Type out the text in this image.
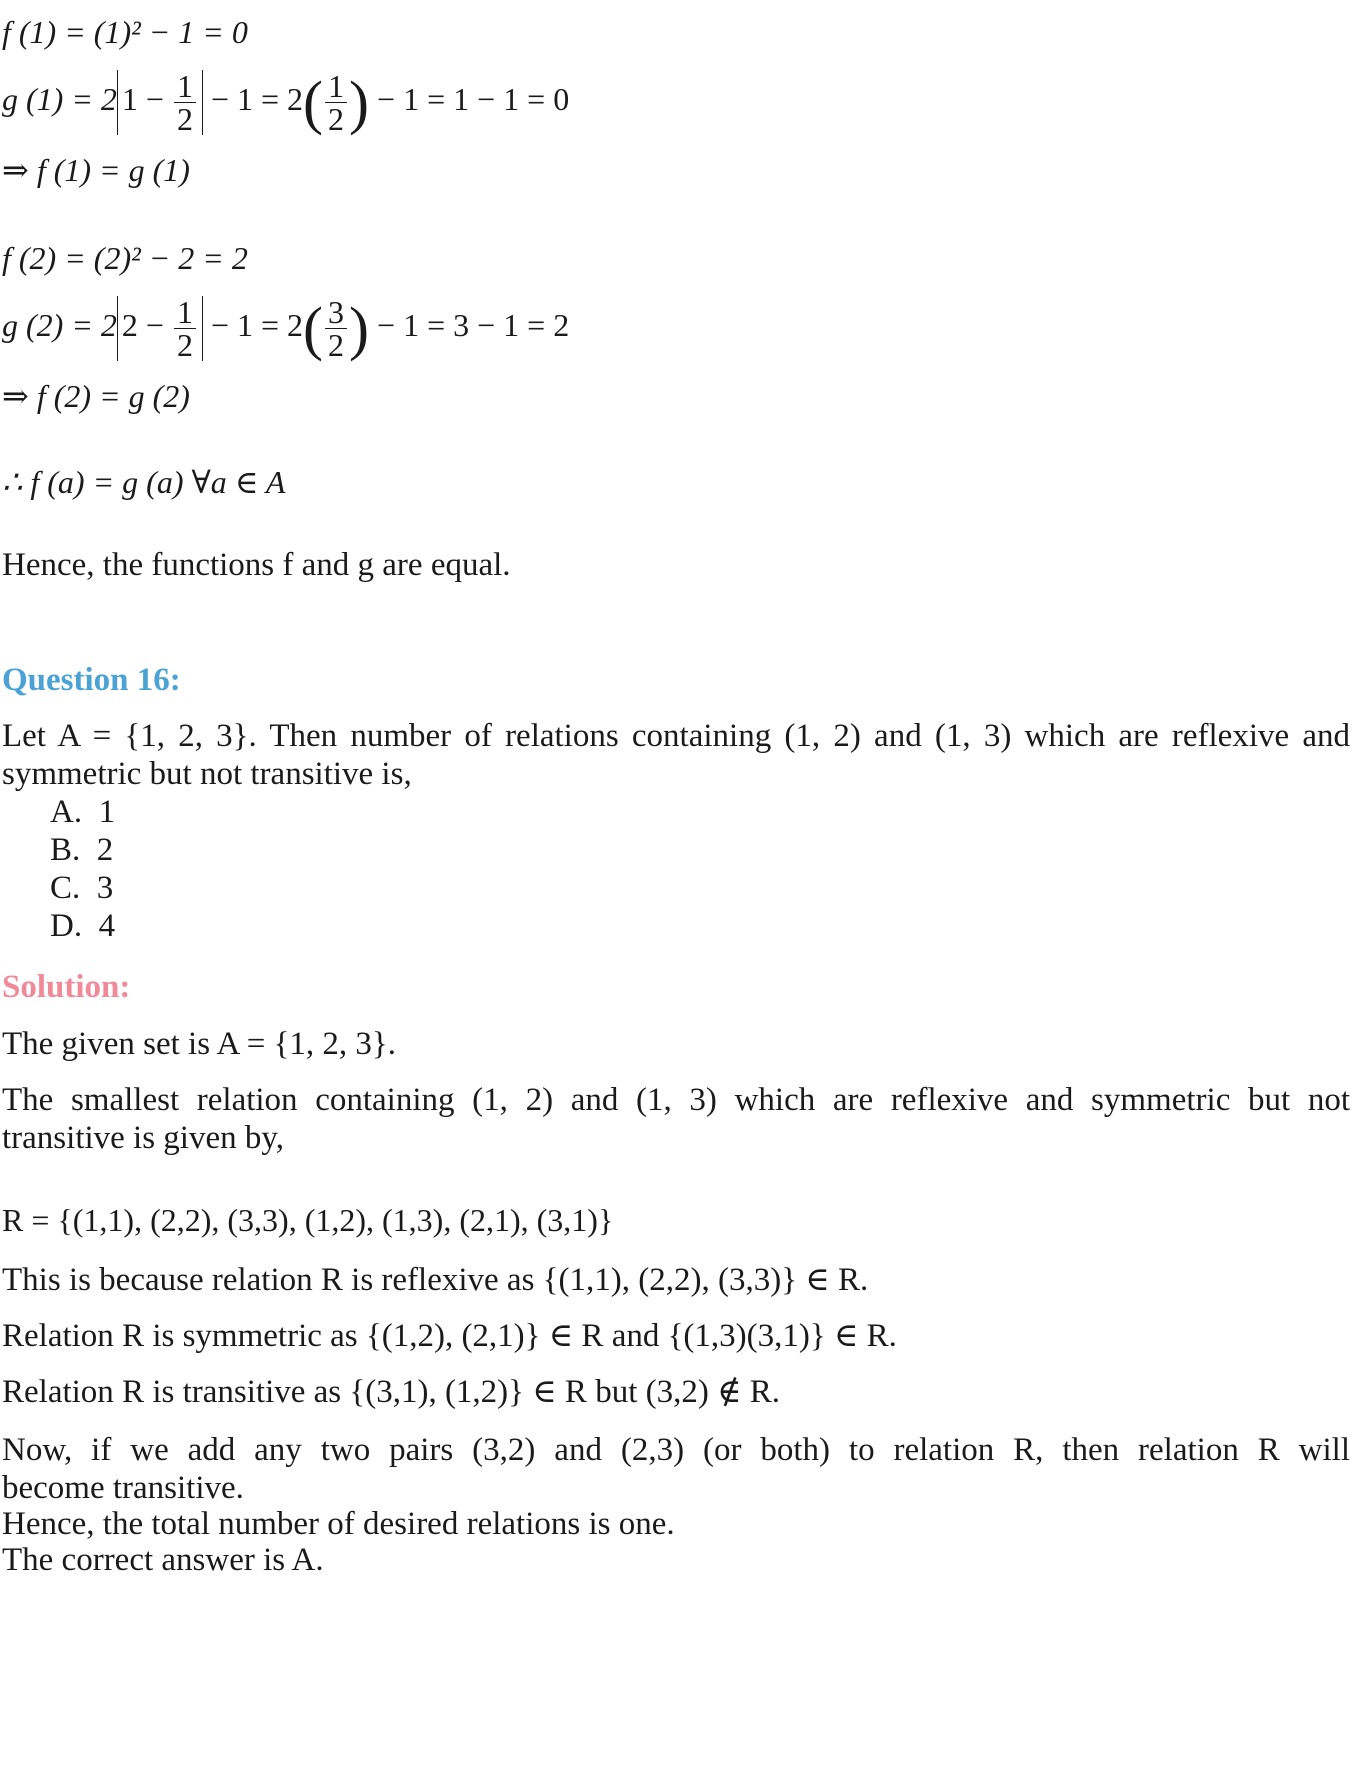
f (1) = (1)² − 1 = 0
g (1) = 2 $1 - \frac{1}{2} - 1 = 2( \frac{1}{2}$ ) − 1 = 1 − 1 = 0
⇒ f (1) = g (1)
f (2) = (2)² − 2 = 2
g (2) = 2 $2 - \frac{1}{2} - 1 = 2( \frac{3}{2}$ ) − 1 = 3 − 1 = 2
⇒ f (2) = g (2)
∴ f (a) = g (a) ∀a ∈ A
Hence, the functions f and g are equal.
Question 16:
Let A = {1, 2, 3}. Then number of relations containing (1, 2) and (1, 3) which are reflexive and
symmetric but not transitive is,
A. 1
B. 2
C. 3
D. 4
Solution:
The given set is A = {1, 2, 3}.
The smallest relation containing (1, 2) and (1, 3) which are reflexive and symmetric but not
transitive is given by,
R = {(1,1), (2,2), (3,3), (1,2), (1,3), (2,1), (3,1)}
This is because relation R is reflexive as {(1,1), (2,2), (3,3)} ∈ R.
Relation R is symmetric as {(1,2), (2,1)} ∈ R and {(1,3)(3,1)} ∈ R.
Relation R is transitive as {(3,1), (1,2)} ∈ R but (3,2) ∉ R.
Now, if we add any two pairs (3,2) and (2,3) (or both) to relation R, then relation R will
become transitive.
Hence, the total number of desired relations is one.
The correct answer is A.
